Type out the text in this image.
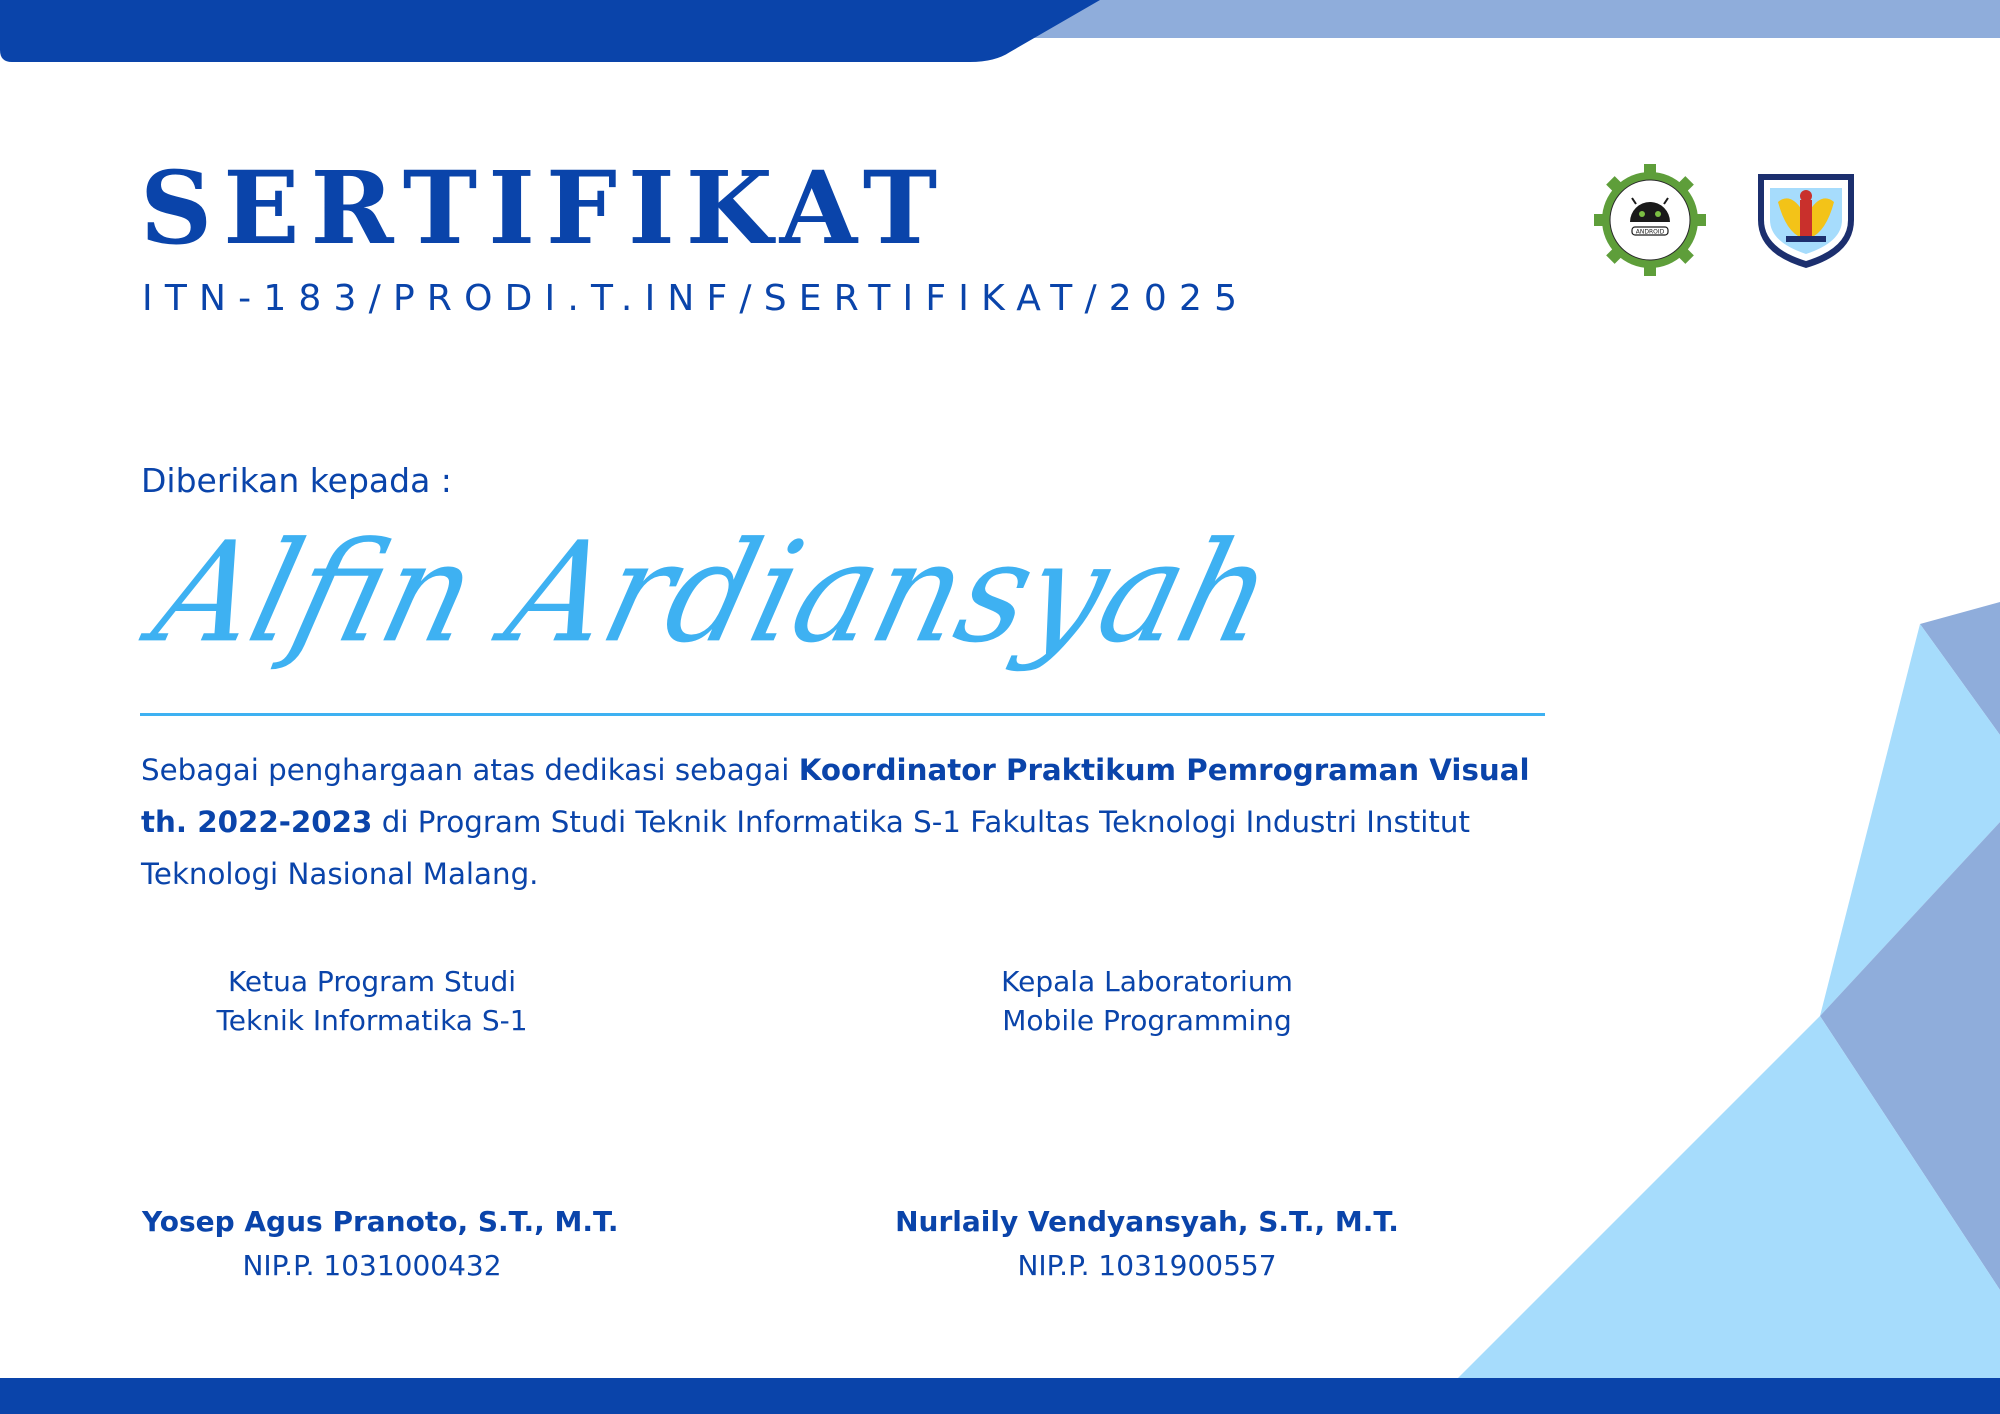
SERTIFIKAT
ITN-183/PRODI.T.INF/SERTIFIKAT/2025
ANDROID
Diberikan kepada :
Alfin Ardiansyah
Sebagai penghargaan atas dedikasi sebagai Koordinator Praktikum Pemrograman Visual
th. 2022-2023 di Program Studi Teknik Informatika S-1 Fakultas Teknologi Industri Institut Teknologi Nasional Malang.
Ketua Program Studi
Teknik Informatika S-1
Yosep Agus Pranoto, S.T., M.T.
NIP.P. 1031000432
Kepala Laboratorium
Mobile Programming
Nurlaily Vendyansyah, S.T., M.T.
NIP.P. 1031900557
